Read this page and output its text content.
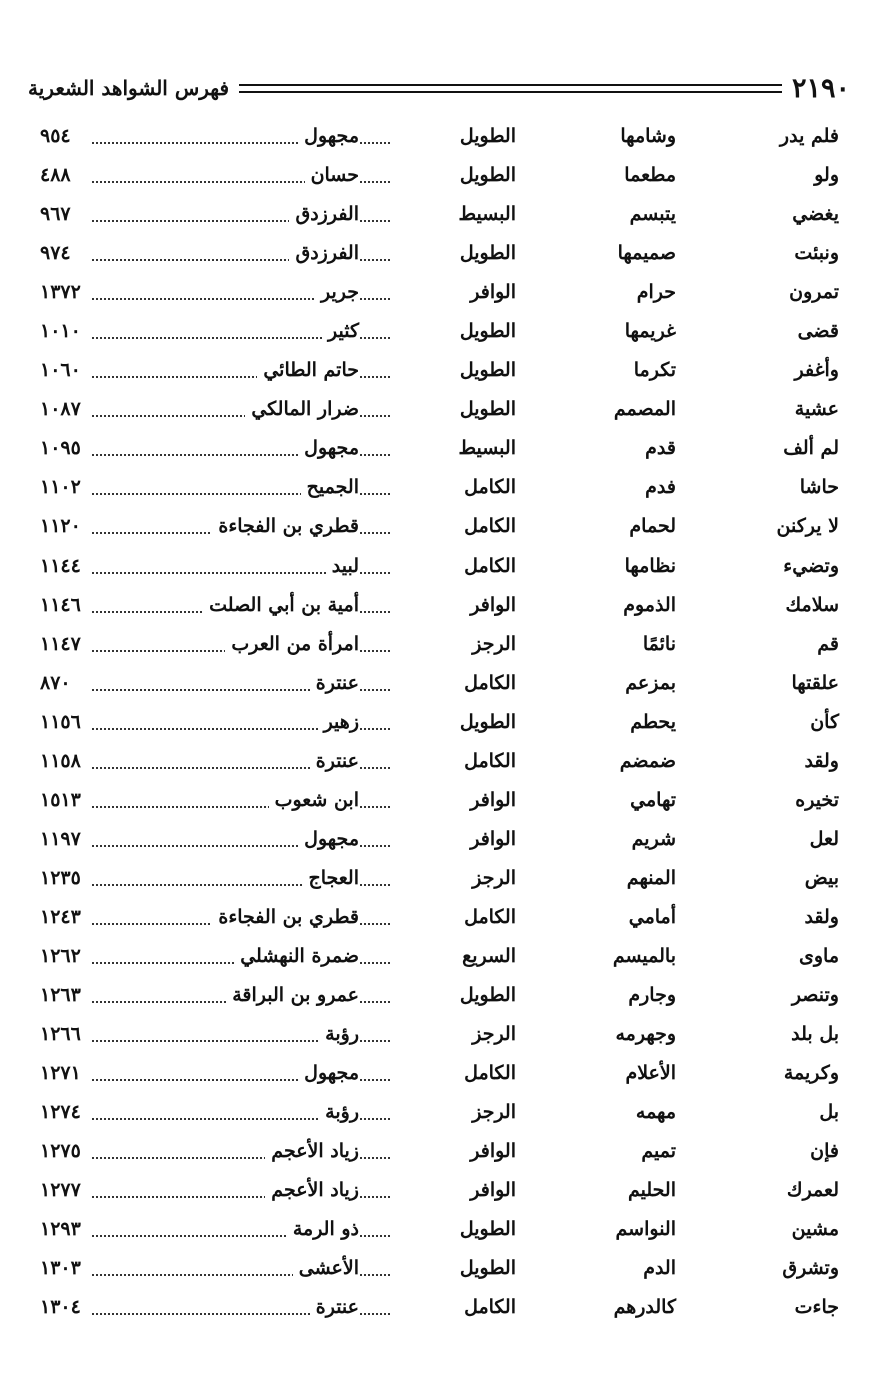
٢١٩٠
فهرس الشواهد الشعرية
فلم يدر
وشامها
الطويل
مجهول
٩٥٤
ولو
مطعما
الطويل
حسان
٤٨٨
يغضي
يتبسم
البسيط
الفرزدق
٩٦٧
ونبئت
صميمها
الطويل
الفرزدق
٩٧٤
تمرون
حرام
الوافر
جرير
١٣٧٢
قضى
غريمها
الطويل
كثير
١٠١٠
وأغفر
تكرما
الطويل
حاتم الطائي
١٠٦٠
عشية
المصمم
الطويل
ضرار المالكي
١٠٨٧
لم ألف
قدم
البسيط
مجهول
١٠٩٥
حاشا
فدم
الكامل
الجميح
١١٠٢
لا يركنن
لحمام
الكامل
قطري بن الفجاءة
١١٢٠
وتضيء
نظامها
الكامل
لبيد
١١٤٤
سلامك
الذموم
الوافر
أمية بن أبي الصلت
١١٤٦
قم
نائمًا
الرجز
امرأة من العرب
١١٤٧
علقتها
بمزعم
الكامل
عنترة
٨٧٠
كأن
يحطم
الطويل
زهير
١١٥٦
ولقد
ضمضم
الكامل
عنترة
١١٥٨
تخيره
تهامي
الوافر
ابن شعوب
١٥١٣
لعل
شريم
الوافر
مجهول
١١٩٧
بيض
المنهم
الرجز
العجاج
١٢٣٥
ولقد
أمامي
الكامل
قطري بن الفجاءة
١٢٤٣
ماوى
بالميسم
السريع
ضمرة النهشلي
١٢٦٢
وتنصر
وجارم
الطويل
عمرو بن البراقة
١٢٦٣
بل بلد
وجهرمه
الرجز
رؤبة
١٢٦٦
وكريمة
الأعلام
الكامل
مجهول
١٢٧١
بل
مهمه
الرجز
رؤبة
١٢٧٤
فإن
تميم
الوافر
زياد الأعجم
١٢٧٥
لعمرك
الحليم
الوافر
زياد الأعجم
١٢٧٧
مشين
النواسم
الطويل
ذو الرمة
١٢٩٣
وتشرق
الدم
الطويل
الأعشى
١٣٠٣
جاءت
كالدرهم
الكامل
عنترة
١٣٠٤
